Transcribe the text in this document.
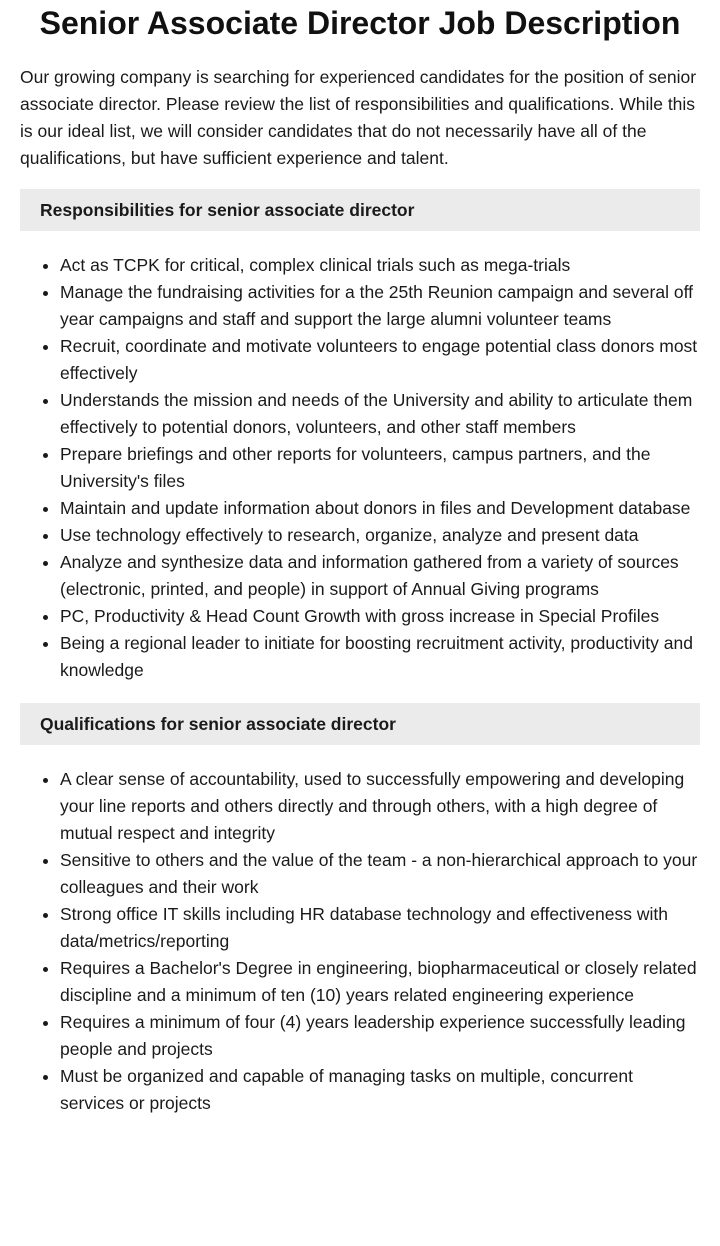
Senior Associate Director Job Description

Our growing company is searching for experienced candidates for the position of senior associate director. Please review the list of responsibilities and qualifications. While this is our ideal list, we will consider candidates that do not necessarily have all of the qualifications, but have sufficient experience and talent.

Responsibilities for senior associate director
• Act as TCPK for critical, complex clinical trials such as mega-trials
• Manage the fundraising activities for a the 25th Reunion campaign and several off year campaigns and staff and support the large alumni volunteer teams
• Recruit, coordinate and motivate volunteers to engage potential class donors most effectively
• Understands the mission and needs of the University and ability to articulate them effectively to potential donors, volunteers, and other staff members
• Prepare briefings and other reports for volunteers, campus partners, and the University's files
• Maintain and update information about donors in files and Development database
• Use technology effectively to research, organize, analyze and present data
• Analyze and synthesize data and information gathered from a variety of sources (electronic, printed, and people) in support of Annual Giving programs
• PC, Productivity & Head Count Growth with gross increase in Special Profiles
• Being a regional leader to initiate for boosting recruitment activity, productivity and knowledge
Qualifications for senior associate director
• A clear sense of accountability, used to successfully empowering and developing your line reports and others directly and through others, with a high degree of mutual respect and integrity
• Sensitive to others and the value of the team - a non-hierarchical approach to your colleagues and their work
• Strong office IT skills including HR database technology and effectiveness with data/metrics/reporting
• Requires a Bachelor's Degree in engineering, biopharmaceutical or closely related discipline and a minimum of ten (10) years related engineering experience
• Requires a minimum of four (4) years leadership experience successfully leading people and projects
• Must be organized and capable of managing tasks on multiple, concurrent services or projects
